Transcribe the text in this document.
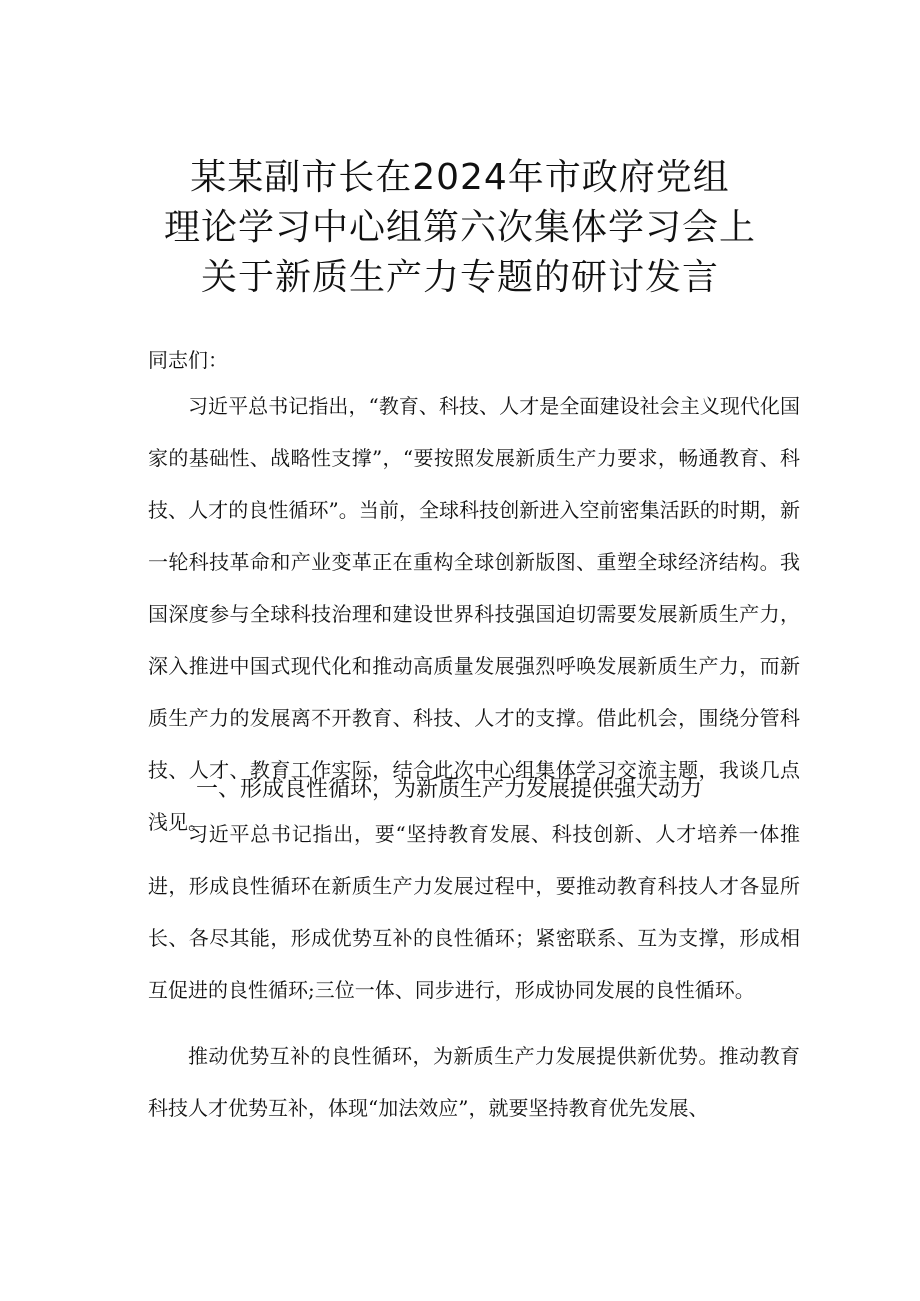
某某副市长在2024年市政府党组
理论学习中心组第六次集体学习会上
关于新质生产力专题的研讨发言
同志们：

习近平总书记指出，“教育、科技、人才是全面建设社会主义现代化国家的基础性、战略性支撑”，“要按照发展新质生产力要求，畅通教育、科技、人才的良性循环”。当前，全球科技创新进入空前密集活跃的时期，新一轮科技革命和产业变革正在重构全球创新版图、重塑全球经济结构。我国深度参与全球科技治理和建设世界科技强国迫切需要发展新质生产力，深入推进中国式现代化和推动高质量发展强烈呼唤发展新质生产力，而新质生产力的发展离不开教育、科技、人才的支撑。借此机会，围绕分管科技、人才、教育工作实际，结合此次中心组集体学习交流主题，我谈几点浅见。

一、形成良性循环，为新质生产力发展提供强大动力

习近平总书记指出，要“坚持教育发展、科技创新、人才培养一体推进，形成良性循环在新质生产力发展过程中，要推动教育科技人才各显所长、各尽其能，形成优势互补的良性循环；紧密联系、互为支撑，形成相互促进的良性循环;三位一体、同步进行，形成协同发展的良性循环。

推动优势互补的良性循环，为新质生产力发展提供新优势。推动教育科技人才优势互补，体现“加法效应”，就要坚持教育优先发展、
